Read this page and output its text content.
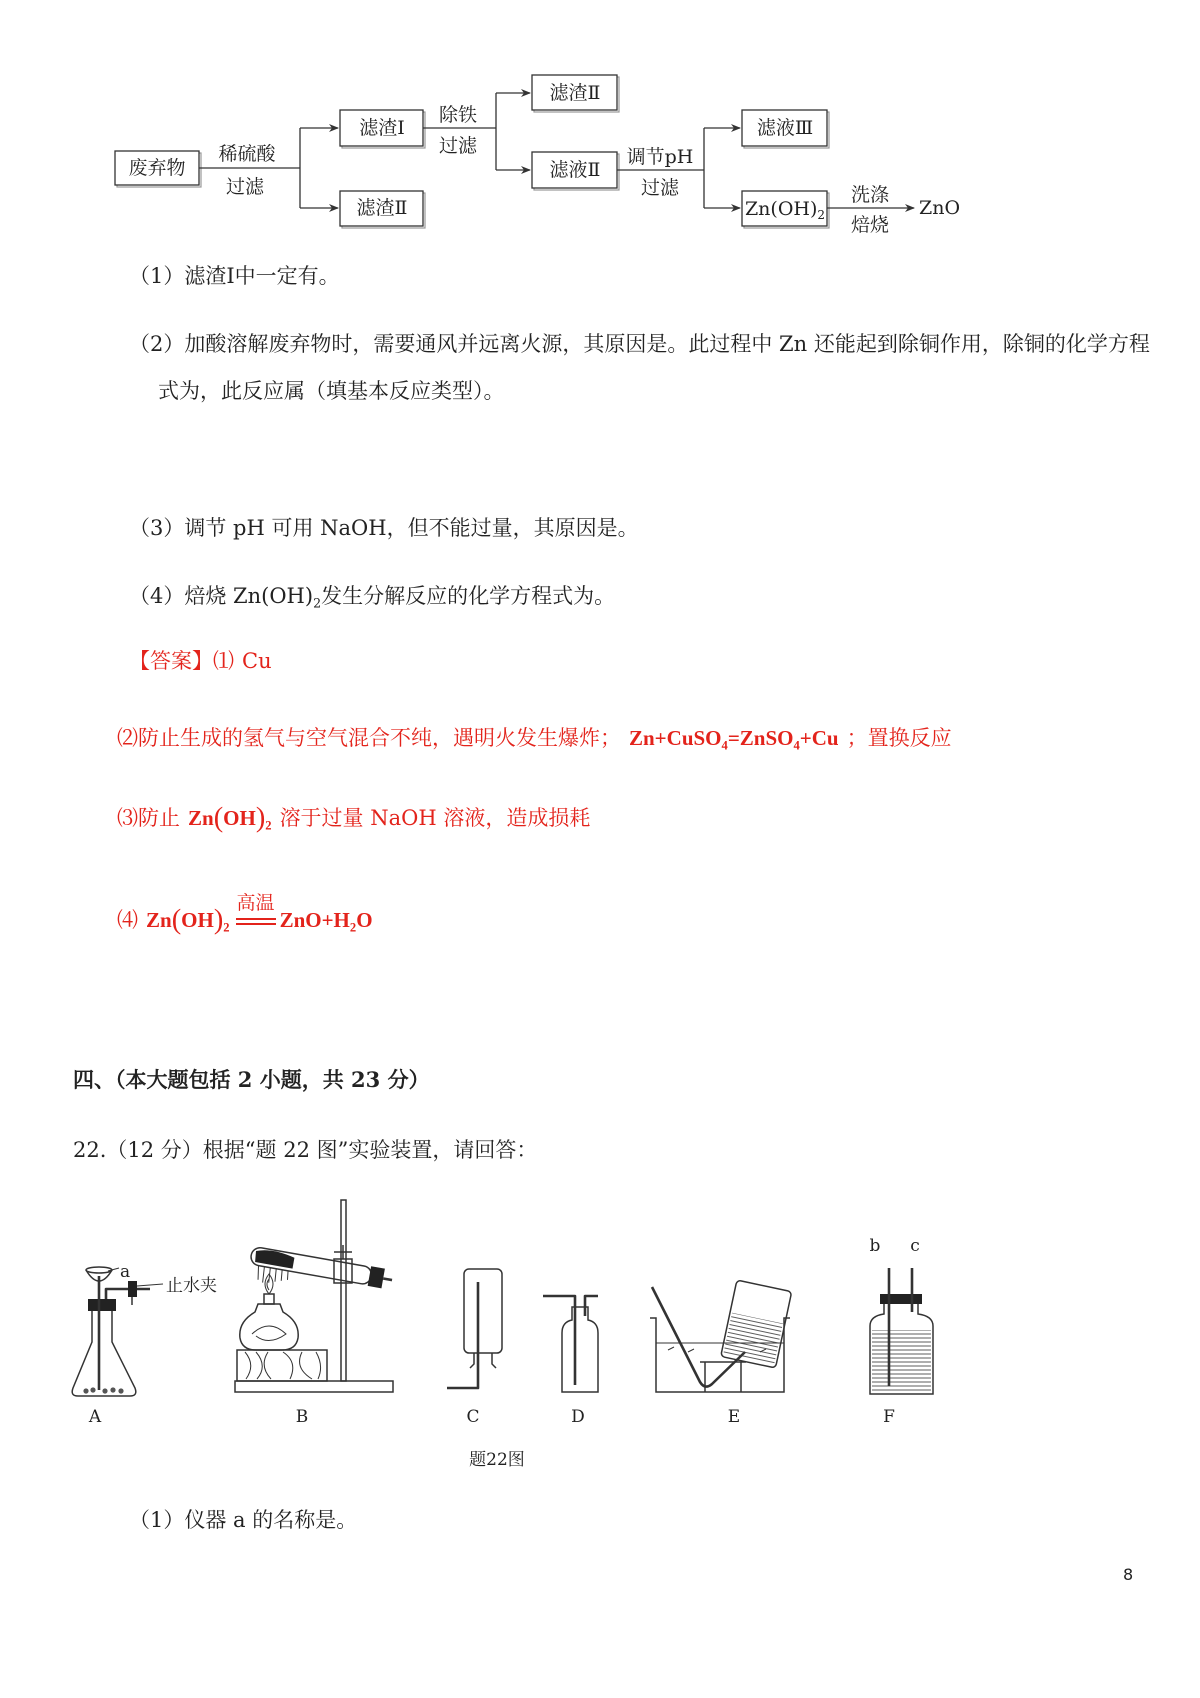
废弃物
稀硫酸
过滤
滤渣Ⅰ
滤渣Ⅱ
除铁
过滤
滤渣Ⅱ
滤液Ⅱ
调节pH
过滤
滤液Ⅲ
$Zn(OH)_2$
洗涤
焙烧
ZnO
（1）滤渣Ⅰ中一定有。
（2）加酸溶解废弃物时，需要通风并远离火源，其原因是。此过程中 Zn 还能起到除铜作用，除铜的化学方程
式为，此反应属（填基本反应类型）。
（3）调节 pH 可用 NaOH，但不能过量，其原因是。
（4）焙烧 $Zn(OH)_2$发生分解反应的化学方程式为。
【答案】⑴ Cu
⑵防止生成的氢气与空气混合不纯，遇明火发生爆炸； Zn+CuSO$_4$=ZnSO$_4$+Cu ；置换反应
⑶防止 $Zn(OH)_2$ 溶于过量 NaOH 溶液，造成损耗
⑷ $Zn(OH)_2$
高温
$ZnO+H_2O$
四、（本大题包括 2 小题，共 23 分）
22.（12 分）根据“题 22 图”实验装置，请回答：
a
止水夹
b c
A	B	C	D	E	F
题22图
（1）仪器 a 的名称是。
8
